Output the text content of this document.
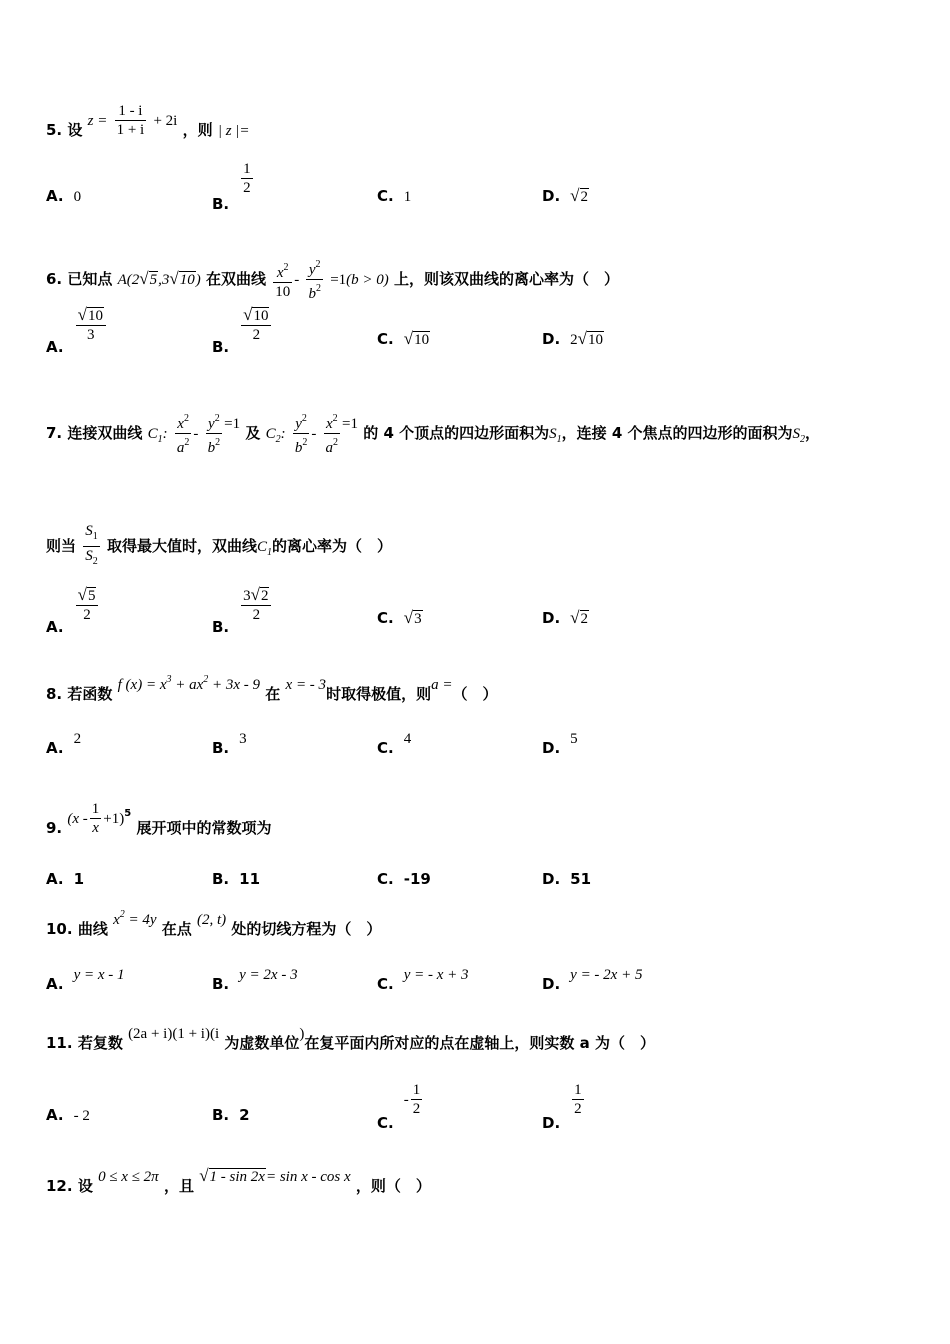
5. 设 $z = \frac{1 - i}{1 + i} + 2i$ ，则 | z |=
A. 0	B.
$\frac{1}{2}$	C. 1	D. √2
6. 已知点 A(2√5,3√10) 在双曲线 $\frac{x^2}{10} - \frac{y^2}{b^2} =1(b > 0)$ 上，则该双曲线的离心率为（　）
A.
$\frac{√10}{3}$
B.
$\frac{√10}{2}$	C. √10	D. 2√10
7. 连接双曲线 $C_1$: $\frac{x^2}{a^2} - \frac{y^2}{b^2} =1$ 及 $C_2$: $\frac{y^2}{b^2} - \frac{x^2}{a^2} =1$ 的 4 个顶点的四边形面积为$S_1$，连接 4 个焦点的四边形的面积为$S_2$，
则当 $\frac{S_1}{S_2}$ 取得最大值时，双曲线$C_1$的离心率为（　）
A.
$\frac{√5}{2}$
B.
$\frac{3√2}{2}$	C. √3	D. √2
8. 若函数 f $(x) = x^3 + ax^2 + 3x - 9$ 在 x = - 3时取得极值，则a =（　）
A. 2	B. 3	C. 4	D. 5
9. $(x - \frac{1}{x} +1)^5$ 展开项中的常数项为
A. 1	B. 11	C. -19	D. 51
10. 曲线 $x^2 = 4y$ 在点 (2, t) 处的切线方程为（　）
A. y = x - 1	B. y = 2x - 3	C. y = - x + 3	D. y = - 2x + 5
11. 若复数 (2a + i)(1 + i)(i 为虚数单位)在复平面内所对应的点在虚轴上，则实数 a 为（　）
A. - 2	B. 2	$C.- \frac{1}{2}$
D.
$\frac{1}{2}$
12. 设 0 ≤ x ≤ 2π ，且 √1 - sin 2x= sin x - cos x ，则（　）
